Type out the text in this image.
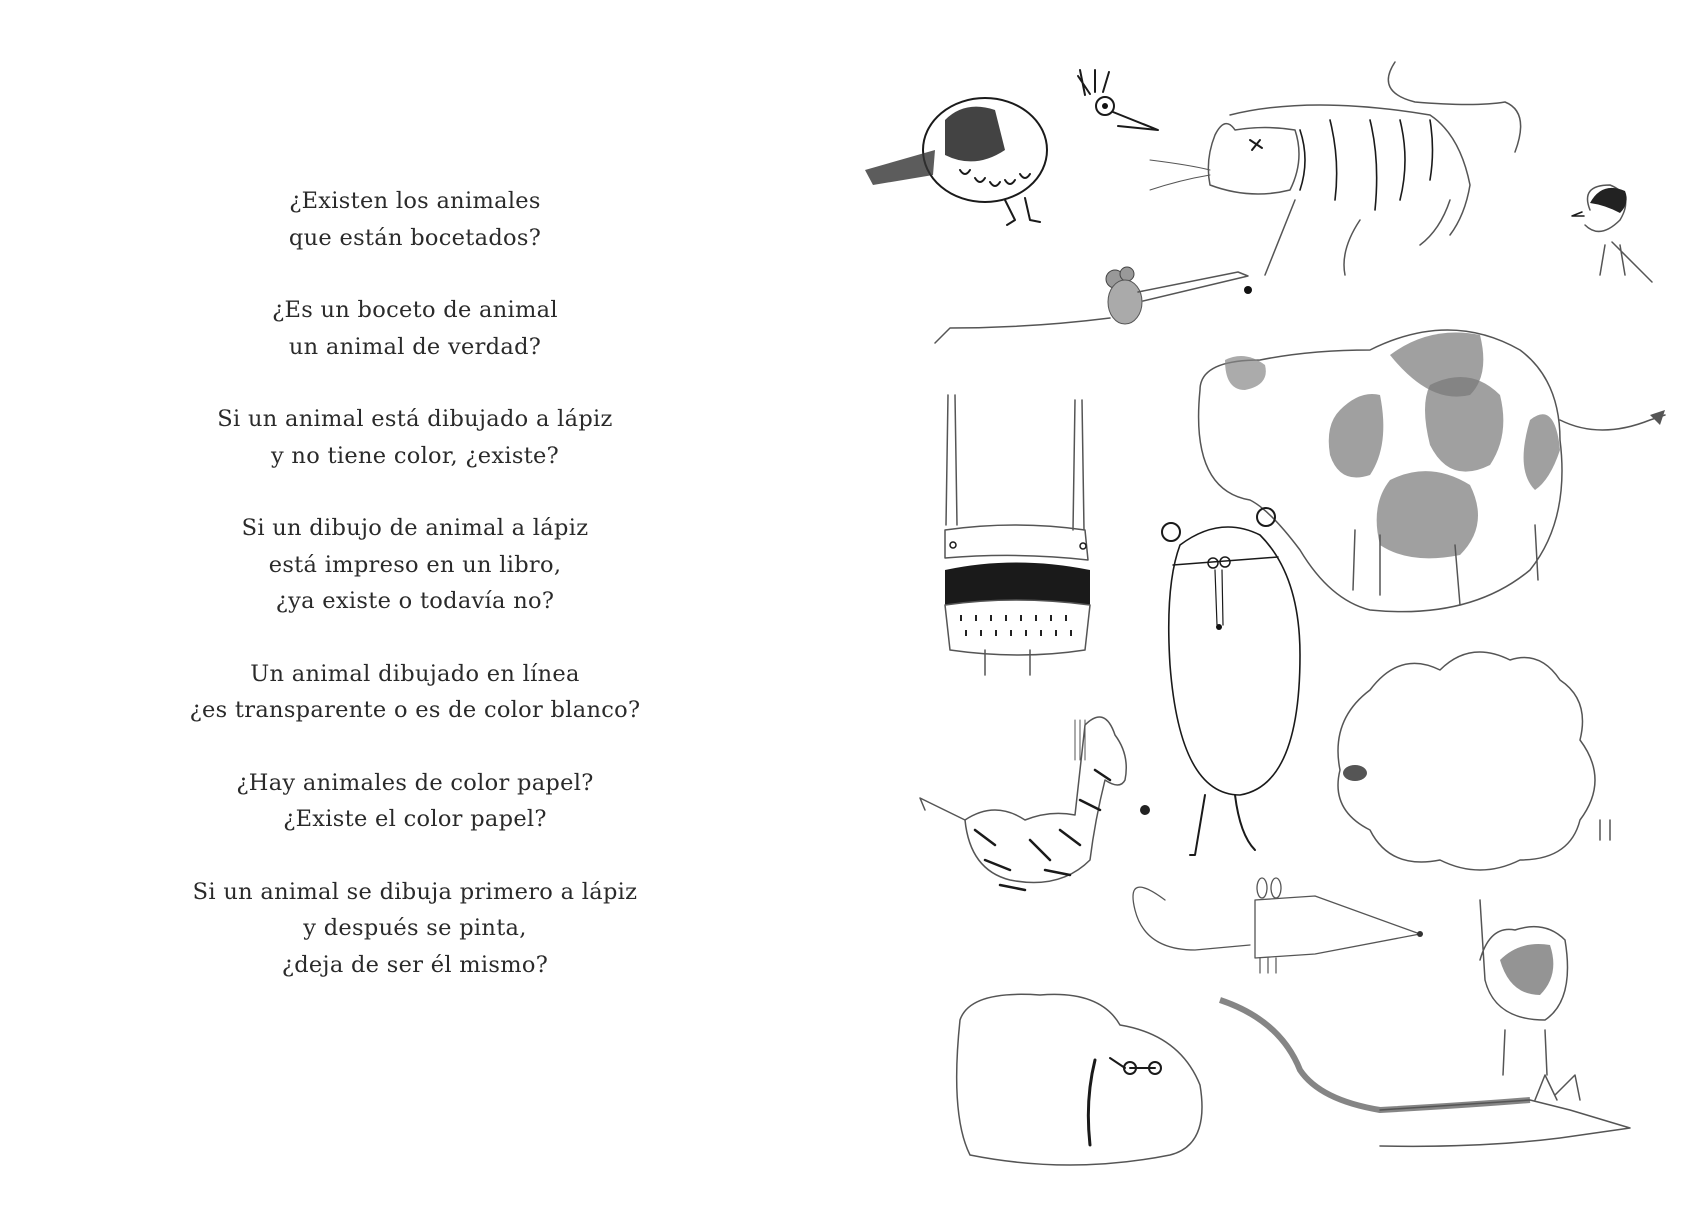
¿Existen los animales
que están bocetados?
¿Es un boceto de animal
un animal de verdad?
Si un animal está dibujado a lápiz
y no tiene color, ¿existe?
Si un dibujo de animal a lápiz
está impreso en un libro,
¿ya existe o todavía no?
Un animal dibujado en línea
¿es transparente o es de color blanco?
¿Hay animales de color papel?
¿Existe el color papel?
Si un animal se dibuja primero a lápiz
y después se pinta,
¿deja de ser él mismo?
